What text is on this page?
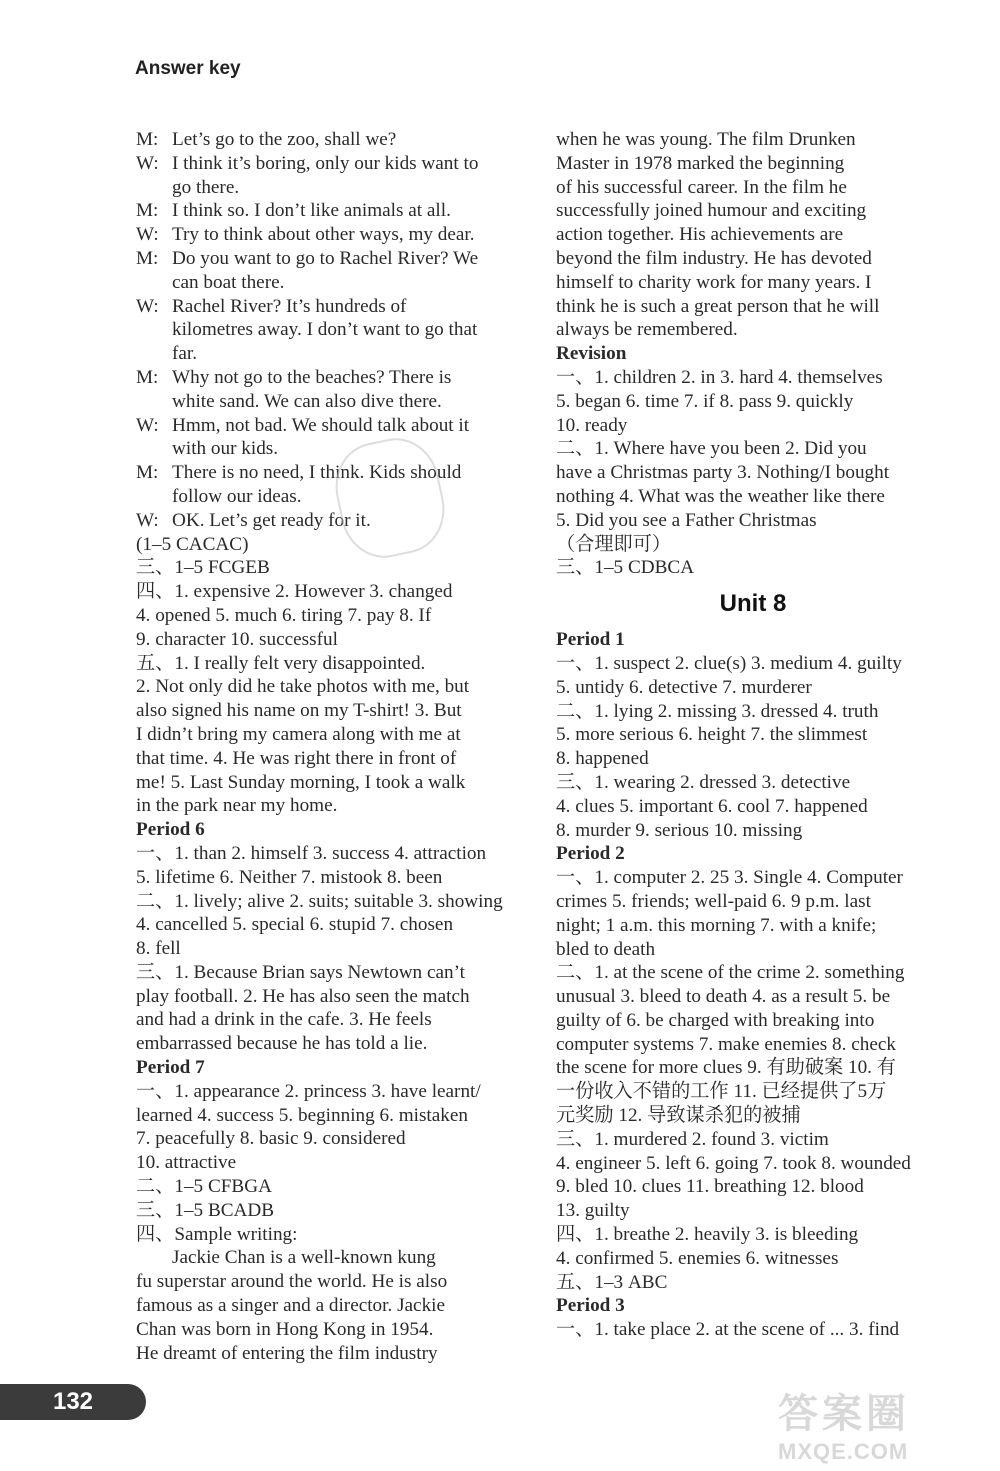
Answer key
M: Let’s go to the zoo, shall we?
W: I think it’s boring, only our kids want to
go there.
M: I think so. I don’t like animals at all.
W: Try to think about other ways, my dear.
M: Do you want to go to Rachel River? We
can boat there.
W: Rachel River? It’s hundreds of
kilometres away. I don’t want to go that
far.
M: Why not go to the beaches? There is
white sand. We can also dive there.
W: Hmm, not bad. We should talk about it
with our kids.
M: There is no need, I think. Kids should
follow our ideas.
W: OK. Let’s get ready for it.
(1–5 CACAC)
三、1–5 FCGEB
四、1. expensive 2. However 3. changed
4. opened 5. much 6. tiring 7. pay 8. If
9. character 10. successful
五、1. I really felt very disappointed.
2. Not only did he take photos with me, but
also signed his name on my T-shirt! 3. But
I didn’t bring my camera along with me at
that time. 4. He was right there in front of
me! 5. Last Sunday morning, I took a walk
in the park near my home.
Period 6
一、1. than 2. himself 3. success 4. attraction
5. lifetime 6. Neither 7. mistook 8. been
二、1. lively; alive 2. suits; suitable 3. showing
4. cancelled 5. special 6. stupid 7. chosen
8. fell
三、1. Because Brian says Newtown can’t
play football. 2. He has also seen the match
and had a drink in the cafe. 3. He feels
embarrassed because he has told a lie.
Period 7
一、1. appearance 2. princess 3. have learnt/
learned 4. success 5. beginning 6. mistaken
7. peacefully 8. basic 9. considered
10. attractive
二、1–5 CFBGA
三、1–5 BCADB
四、Sample writing:
Jackie Chan is a well-known kung
fu superstar around the world. He is also
famous as a singer and a director. Jackie
Chan was born in Hong Kong in 1954.
He dreamt of entering the film industry
when he was young. The film Drunken
Master in 1978 marked the beginning
of his successful career. In the film he
successfully joined humour and exciting
action together. His achievements are
beyond the film industry. He has devoted
himself to charity work for many years. I
think he is such a great person that he will
always be remembered.
Revision
一、1. children 2. in 3. hard 4. themselves
5. began 6. time 7. if 8. pass 9. quickly
10. ready
二、1. Where have you been 2. Did you
have a Christmas party 3. Nothing/I bought
nothing 4. What was the weather like there
5. Did you see a Father Christmas
（合理即可）
三、1–5 CDBCA
Unit 8
Period 1
一、1. suspect 2. clue(s) 3. medium 4. guilty
5. untidy 6. detective 7. murderer
二、1. lying 2. missing 3. dressed 4. truth
5. more serious 6. height 7. the slimmest
8. happened
三、1. wearing 2. dressed 3. detective
4. clues 5. important 6. cool 7. happened
8. murder 9. serious 10. missing
Period 2
一、1. computer 2. 25 3. Single 4. Computer
crimes 5. friends; well-paid 6. 9 p.m. last
night; 1 a.m. this morning 7. with a knife;
bled to death
二、1. at the scene of the crime 2. something
unusual 3. bleed to death 4. as a result 5. be
guilty of 6. be charged with breaking into
computer systems 7. make enemies 8. check
the scene for more clues 9. 有助破案 10. 有
一份收入不错的工作 11. 已经提供了5万
元奖励 12. 导致谋杀犯的被捕
三、1. murdered 2. found 3. victim
4. engineer 5. left 6. going 7. took 8. wounded
9. bled 10. clues 11. breathing 12. blood
13. guilty
四、1. breathe 2. heavily 3. is bleeding
4. confirmed 5. enemies 6. witnesses
五、1–3 ABC
Period 3
一、1. take place 2. at the scene of ... 3. find
132	答案圈
MXQE.COM
